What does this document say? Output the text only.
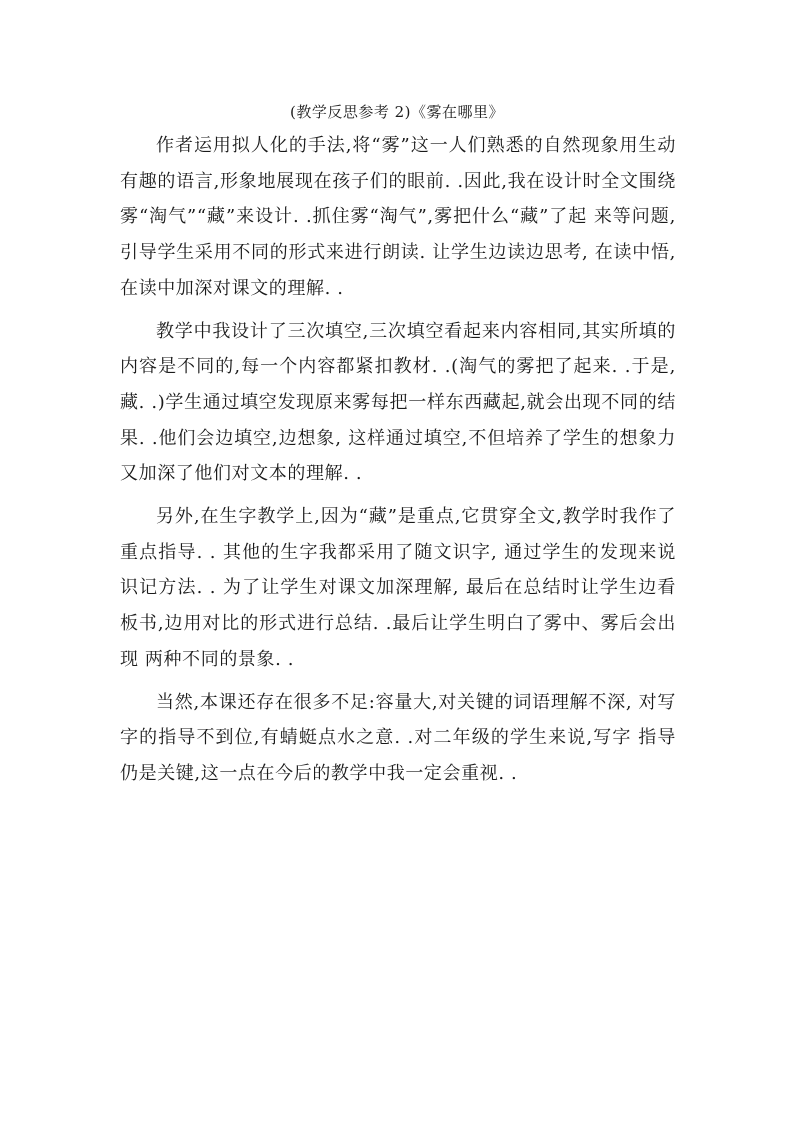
(教学反思参考 2)《雾在哪里》

作者运用拟人化的手法,将“雾”这一人们熟悉的自然现象用生动有趣的语言,形象地展现在孩子们的眼前. .因此,我在设计时全文围绕雾“淘气”“藏”来设计. .抓住雾“淘气”,雾把什么“藏”了起 来等问题,引导学生采用不同的形式来进行朗读. 让学生边读边思考, 在读中悟,在读中加深对课文的理解. .

教学中我设计了三次填空,三次填空看起来内容相同,其实所填的内容是不同的,每一个内容都紧扣教材. .(淘气的雾把了起来. .于是,藏. .)学生通过填空发现原来雾每把一样东西藏起,就会出现不同的结果. .他们会边填空,边想象, 这样通过填空,不但培养了学生的想象力又加深了他们对文本的理解. .

另外,在生字教学上,因为“藏”是重点,它贯穿全文,教学时我作了重点指导. . 其他的生字我都采用了随文识字, 通过学生的发现来说 识记方法. . 为了让学生对课文加深理解, 最后在总结时让学生边看板书,边用对比的形式进行总结. .最后让学生明白了雾中、雾后会出现 两种不同的景象. .

当然,本课还存在很多不足:容量大,对关键的词语理解不深, 对写字的指导不到位,有蜻蜓点水之意. .对二年级的学生来说,写字 指导仍是关键,这一点在今后的教学中我一定会重视. .
